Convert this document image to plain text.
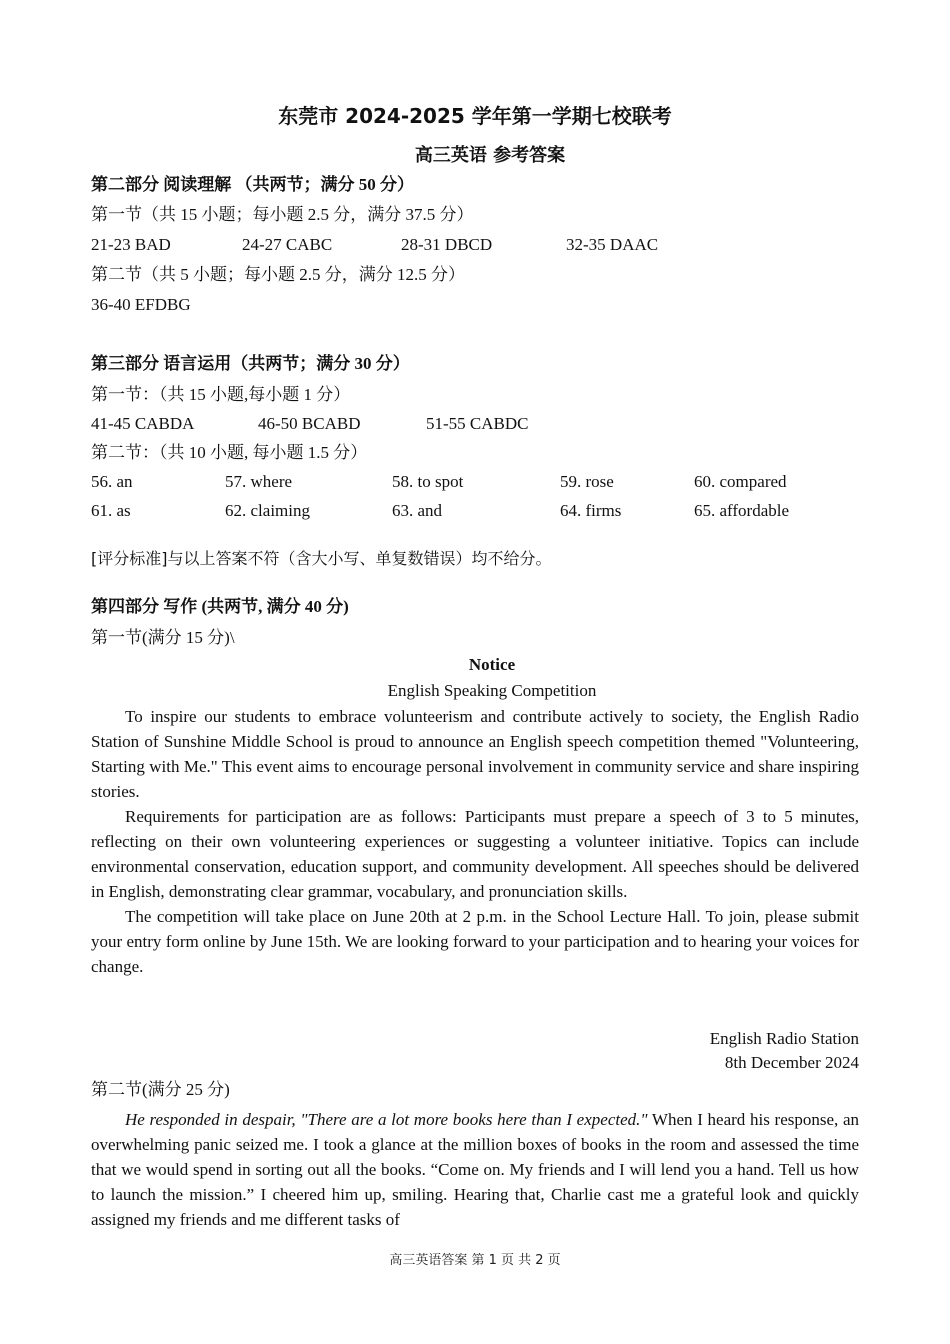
东莞市 2024-2025 学年第一学期七校联考
高三英语 参考答案
第二部分 阅读理解 （共两节；满分 50 分）
第一节（共 15 小题；每小题 2.5 分，满分 37.5 分）
21-23 BAD	24-27 CABC	28-31 DBCD	32-35 DAAC
第二节（共 5 小题；每小题 2.5 分，满分 12.5 分）
36-40 EFDBG
第三部分 语言运用（共两节；满分 30 分）
第一节：（共 15 小题,每小题 1 分）
41-45 CABDA	46-50 BCABD	51-55 CABDC
第二节：（共 10 小题, 每小题 1.5 分）
56. an	57. where	58. to spot	59. rose	60. compared
61. as	62. claiming	63. and	64. firms	65. affordable
[评分标准]与以上答案不符（含大小写、单复数错误）均不给分。
第四部分 写作 (共两节, 满分 40 分)
第一节(满分 15 分)\
Notice
English Speaking Competition

To inspire our students to embrace volunteerism and contribute actively to society, the English Radio Station of Sunshine Middle School is proud to announce an English speech competition themed "Volunteering, Starting with Me." This event aims to encourage personal involvement in community service and share inspiring stories.

Requirements for participation are as follows: Participants must prepare a speech of 3 to 5 minutes, reflecting on their own volunteering experiences or suggesting a volunteer initiative. Topics can include environmental conservation, education support, and community development. All speeches should be delivered in English, demonstrating clear grammar, vocabulary, and pronunciation skills.

The competition will take place on June 20th at 2 p.m. in the School Lecture Hall. To join, please submit your entry form online by June 15th. We are looking forward to your participation and to hearing your voices for change.

English Radio Station
8th December 2024
第二节(满分 25 分)

He responded in despair, "There are a lot more books here than I expected." When I heard his response, an overwhelming panic seized me. I took a glance at the million boxes of books in the room and assessed the time that we would spend in sorting out all the books. “Come on. My friends and I will lend you a hand. Tell us how to launch the mission.” I cheered him up, smiling. Hearing that, Charlie cast me a grateful look and quickly assigned my friends and me different tasks of

高三英语答案 第 1 页 共 2 页
